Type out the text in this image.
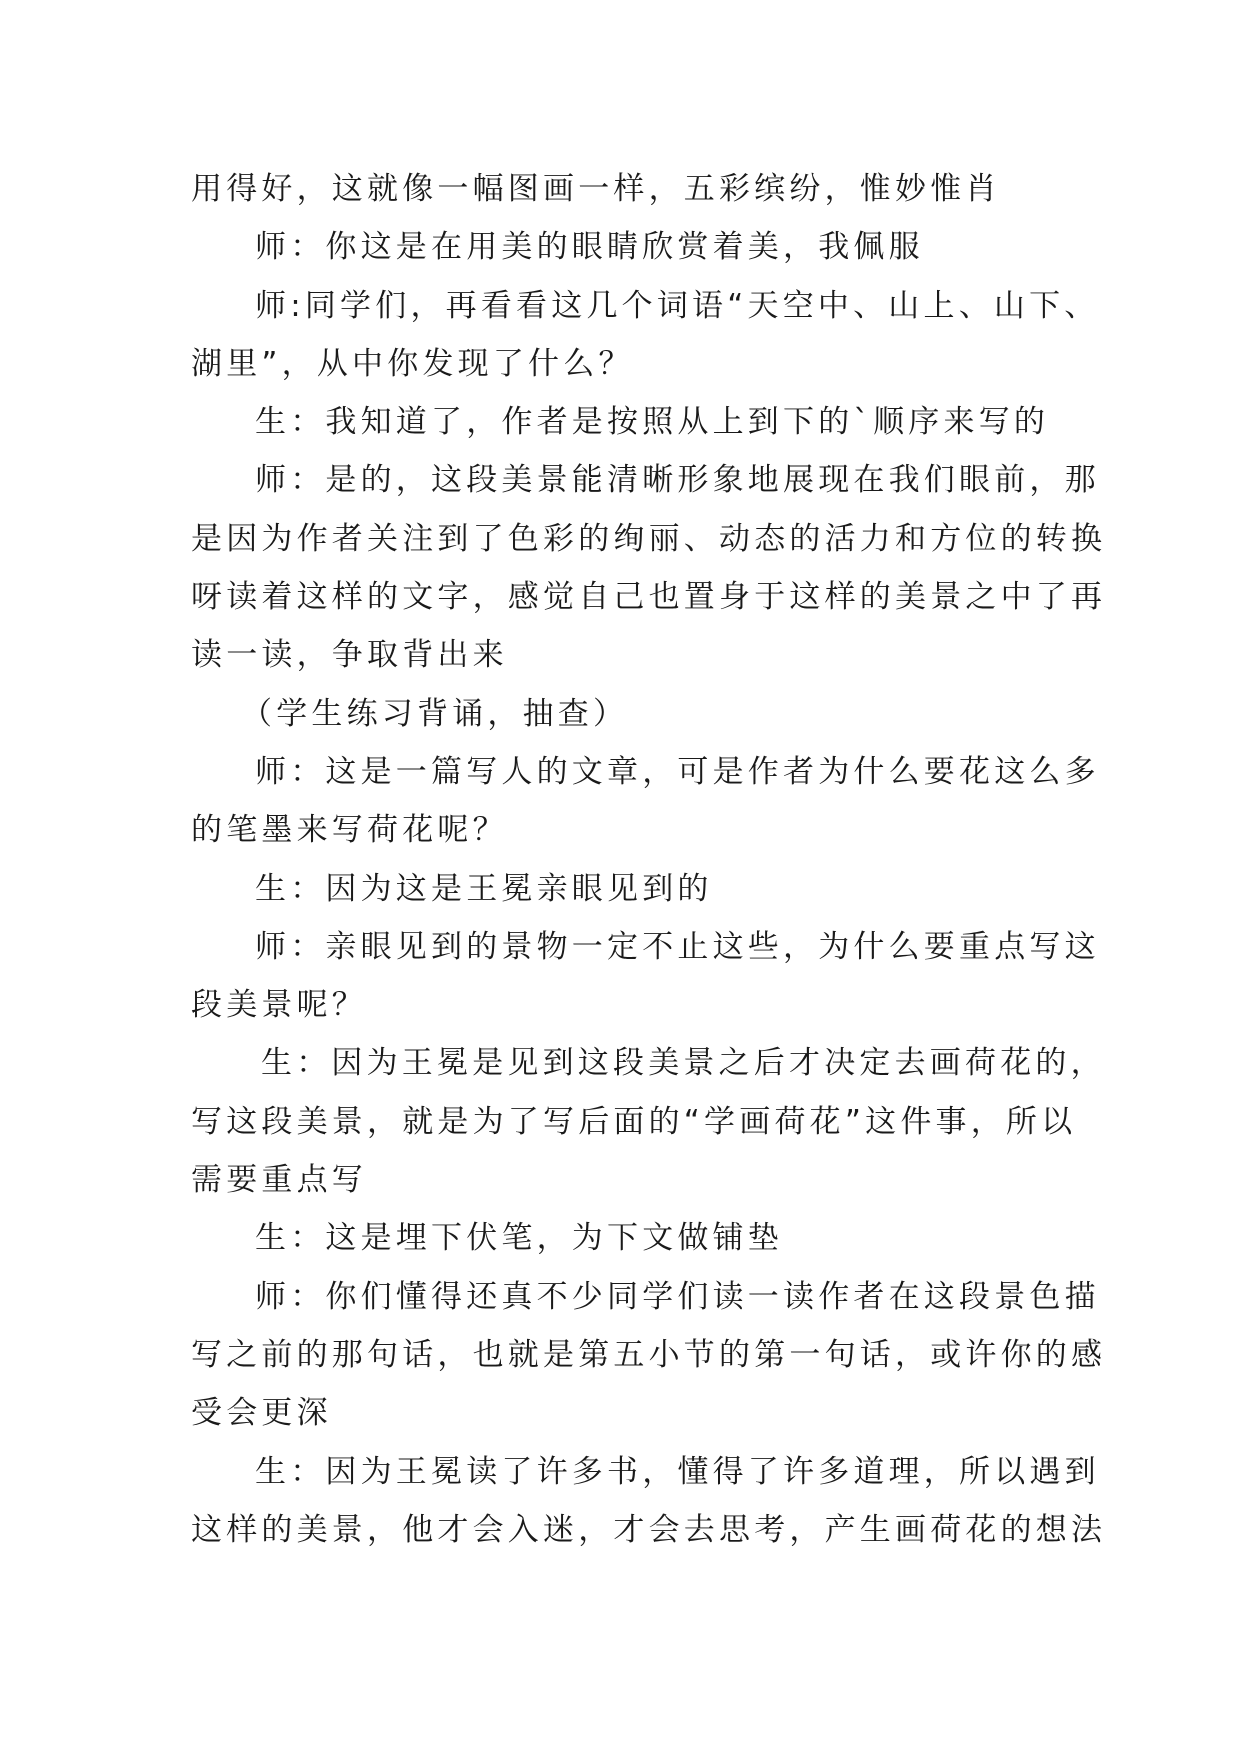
用得好，这就像一幅图画一样，五彩缤纷，惟妙惟肖
师：你这是在用美的眼睛欣赏着美，我佩服
师:同学们，再看看这几个词语“天空中、山上、山下、
湖里”，从中你发现了什么？
生：我知道了，作者是按照从上到下的`顺序来写的
师：是的，这段美景能清晰形象地展现在我们眼前，那
是因为作者关注到了色彩的绚丽、动态的活力和方位的转换
呀读着这样的文字，感觉自己也置身于这样的美景之中了再
读一读，争取背出来
（学生练习背诵，抽查）
师：这是一篇写人的文章，可是作者为什么要花这么多
的笔墨来写荷花呢？
生：因为这是王冕亲眼见到的
师：亲眼见到的景物一定不止这些，为什么要重点写这
段美景呢？
生：因为王冕是见到这段美景之后才决定去画荷花的，
写这段美景，就是为了写后面的“学画荷花”这件事，所以
需要重点写
生：这是埋下伏笔，为下文做铺垫
师：你们懂得还真不少同学们读一读作者在这段景色描
写之前的那句话，也就是第五小节的第一句话，或许你的感
受会更深
生：因为王冕读了许多书，懂得了许多道理，所以遇到
这样的美景，他才会入迷，才会去思考，产生画荷花的想法
